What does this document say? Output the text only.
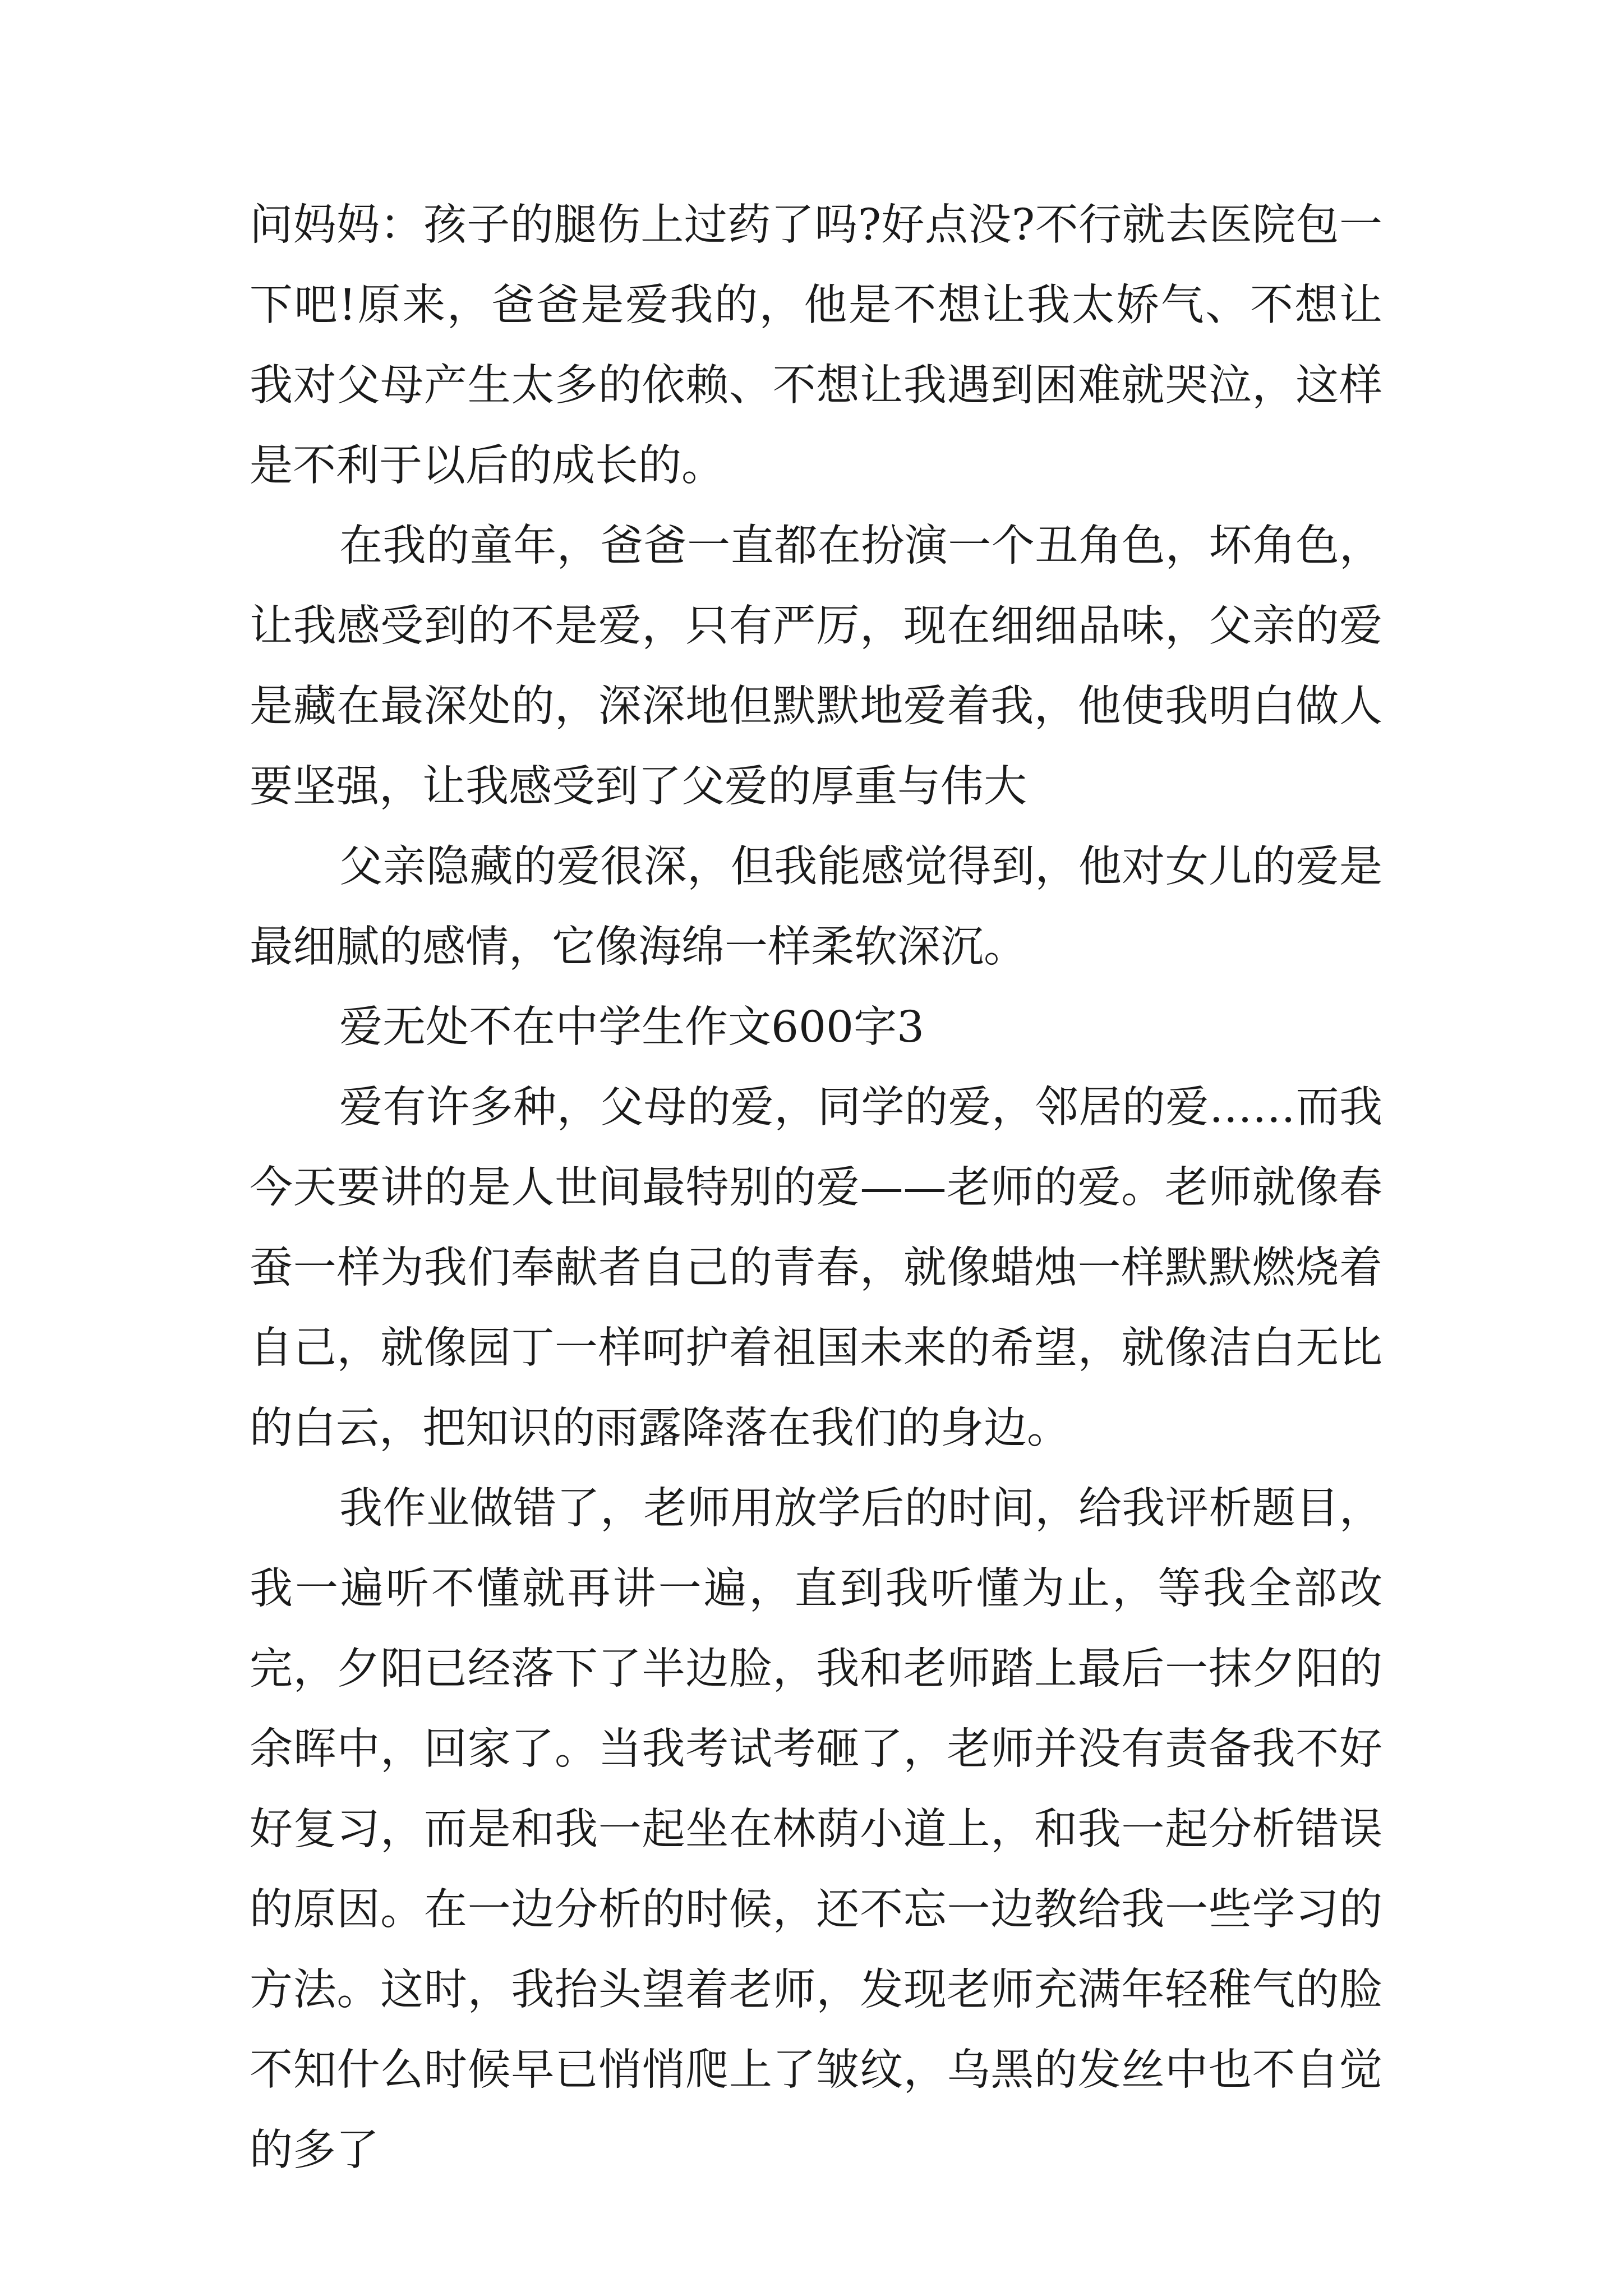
问妈妈：孩子的腿伤上过药了吗?好点没?不行就去医院包一下吧!原来，爸爸是爱我的，他是不想让我太娇气、不想让我对父母产生太多的依赖、不想让我遇到困难就哭泣，这样是不利于以后的成长的。

在我的童年，爸爸一直都在扮演一个丑角色，坏角色，让我感受到的不是爱，只有严厉，现在细细品味，父亲的爱是藏在最深处的，深深地但默默地爱着我，他使我明白做人要坚强，让我感受到了父爱的厚重与伟大

父亲隐藏的爱很深，但我能感觉得到，他对女儿的爱是最细腻的感情，它像海绵一样柔软深沉。

爱无处不在中学生作文600字3

爱有许多种，父母的爱，同学的爱，邻居的爱……而我今天要讲的是人世间最特别的爱——老师的爱。老师就像春蚕一样为我们奉献者自己的青春，就像蜡烛一样默默燃烧着自己，就像园丁一样呵护着祖国未来的希望，就像洁白无比的白云，把知识的雨露降落在我们的身边。

我作业做错了，老师用放学后的时间，给我评析题目，我一遍听不懂就再讲一遍，直到我听懂为止，等我全部改完，夕阳已经落下了半边脸，我和老师踏上最后一抹夕阳的余晖中，回家了。当我考试考砸了，老师并没有责备我不好好复习，而是和我一起坐在林荫小道上，和我一起分析错误的原因。在一边分析的时候，还不忘一边教给我一些学习的方法。这时，我抬头望着老师，发现老师充满年轻稚气的脸不知什么时候早已悄悄爬上了皱纹，乌黑的发丝中也不自觉的多了
